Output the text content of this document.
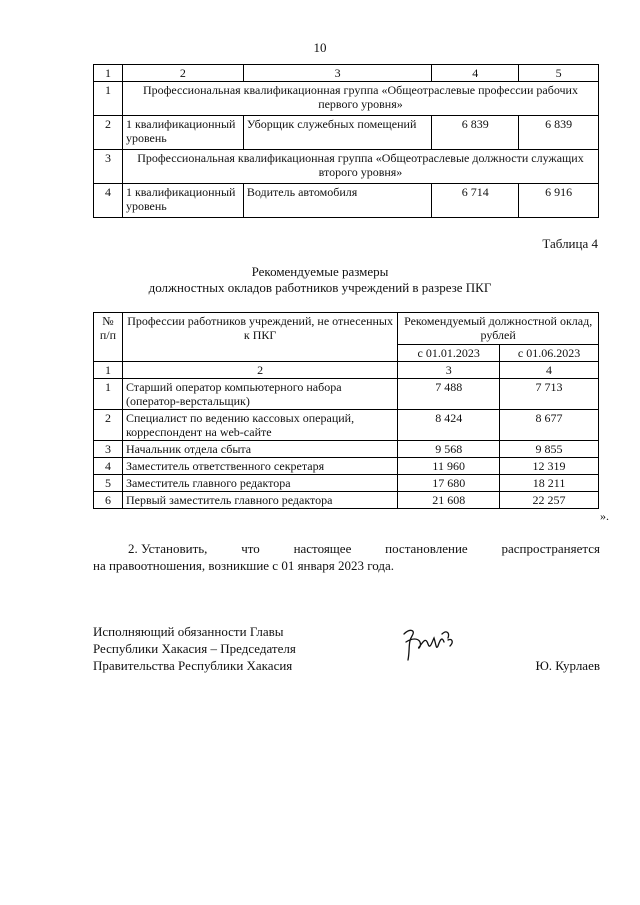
10
1	2	3	4	5
1	Профессиональная квалификационная группа «Общеотраслевые профессии рабочих первого уровня»			
2	1 квалификационный уровень	Уборщик служебных помещений	6 839	6 839
3	Профессиональная квалификационная группа «Общеотраслевые должности служащих второго уровня»			
4	1 квалификационный уровень	Водитель автомобиля	6 714	6 916
Таблица 4
Рекомендуемые размеры
должностных окладов работников учреждений в разрезе ПКГ
№ п/п	Профессии работников учреждений, не отнесенных к ПКГ	Рекомендуемый должностной оклад, рублей	
		с 01.01.2023	с 01.06.2023
1	2	3	4
1	Старший оператор компьютерного набора (оператор-верстальщик)	7 488	7 713
2	Специалист по ведению кассовых операций, корреспондент на web-сайте	8 424	8 677
3	Начальник отдела сбыта	9 568	9 855
4	Заместитель ответственного секретаря	11 960	12 319
5	Заместитель главного редактора	17 680	18 211
6	Первый заместитель главного редактора	21 608	22 257
».
2. Установить,	что	настоящее	постановление	распространяется
на правоотношения, возникшие с 01 января 2023 года.
Исполняющий обязанности Главы
Республики Хакасия – Председателя
Правительства Республики Хакасия	Ю. Курлаев
